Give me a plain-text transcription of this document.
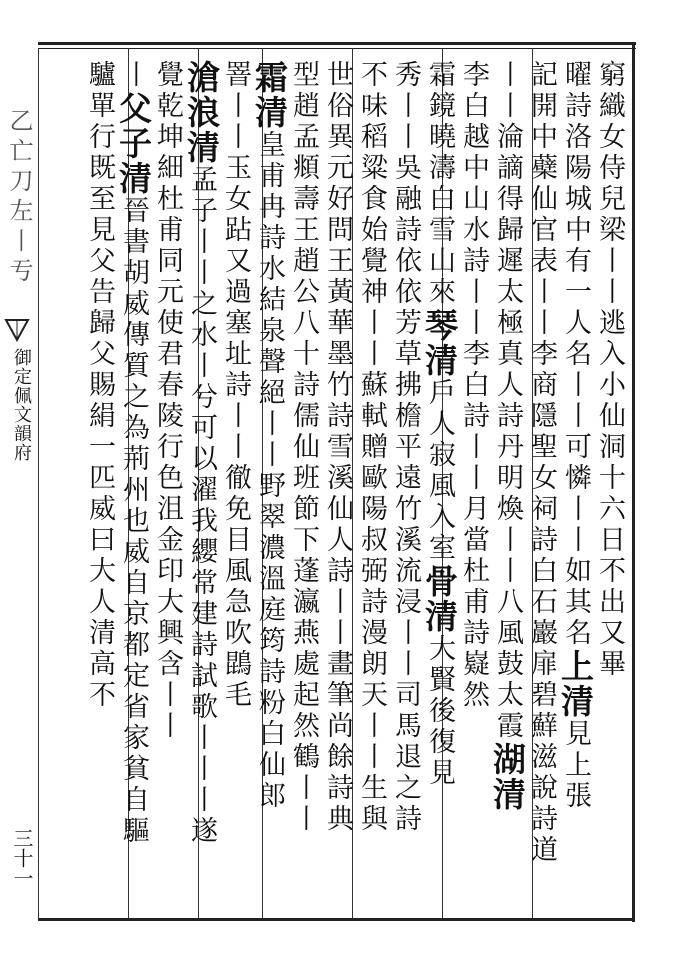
乙亡刀左丨亐
御定佩文韻府
三十一
窮織女侍兒梁丨丨逃入小仙洞十六日不出又畢
曜詩洛陽城中有一人名丨丨可憐丨丨如其名上清見上張
記開中蘗仙官表丨丨李商隱聖女祠詩白石巖扉碧蘚滋說詩道
丨丨淪謫得歸遲太極真人詩丹明煥丨丨八風鼓太霞湖清
李白越中山水詩丨丨李白詩丨丨月當杜甫詩嶷然
霜鏡曉濤白雪山來琴清戶人寂風入室骨清大賢後復見
秀丨丨吳融詩依依芳草拂檐平遠竹溪流浸丨丨司馬退之詩
不味稻粱食始覺神丨丨蘇軾贈歐陽叔弼詩漫朗天丨丨生與
世俗異元好問王黃華墨竹詩雪溪仙人詩丨丨畫筆尚餘詩典
型趙孟頫壽王趙公八十詩儒仙班節下蓬瀛燕處起然鶴丨丨
霜清皇甫冉詩水結泉聲絕丨丨野翠濃溫庭筠詩粉白仙郎
罯丨丨玉女跕又過塞址詩丨丨徹免目風急吹鵾毛
滄浪清孟子丨丨之水丨兮可以濯我纓常建詩試歌丨丨丨遂
覺乾坤細杜甫同元使君春陵行色沮金印大興含丨丨
丨父子清晉書胡威傳質之為荊州也威自京都定省家貧自驅
驢單行既至見父告歸父賜絹一匹威曰大人清高不
